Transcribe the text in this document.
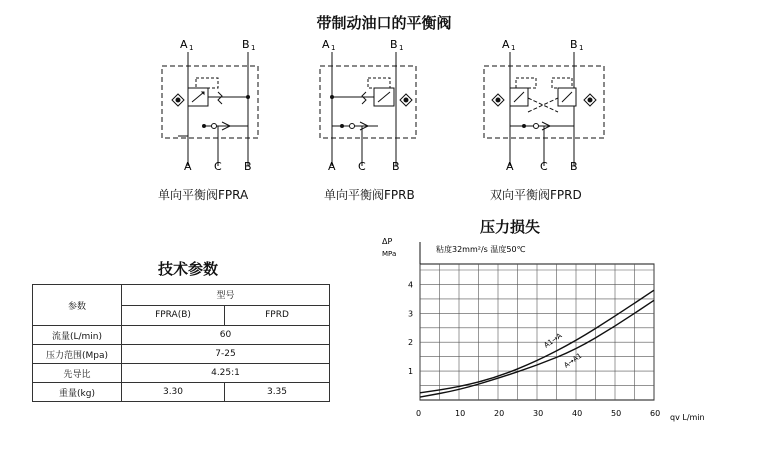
带制动油口的平衡阀
A 1	B 1
A C B
单向平衡阀FPRA
A 1	B 1
A C B
单向平衡阀FPRB
A 1	B 1
A C B
双向平衡阀FPRD
技术参数
参数	型号	
	FPRA(B)	FPRD
流量(L/min)	60	
压力范围(Mpa)	7-25	
先导比	4.25:1	
重量(kg)	3.30	3.35
压力损失
0	10	20	30	40	50	60
1
2
3
4
ΔP
MPa
qv L/min
粘度32mm²/s 温度50℃
A1→A
A→A1
